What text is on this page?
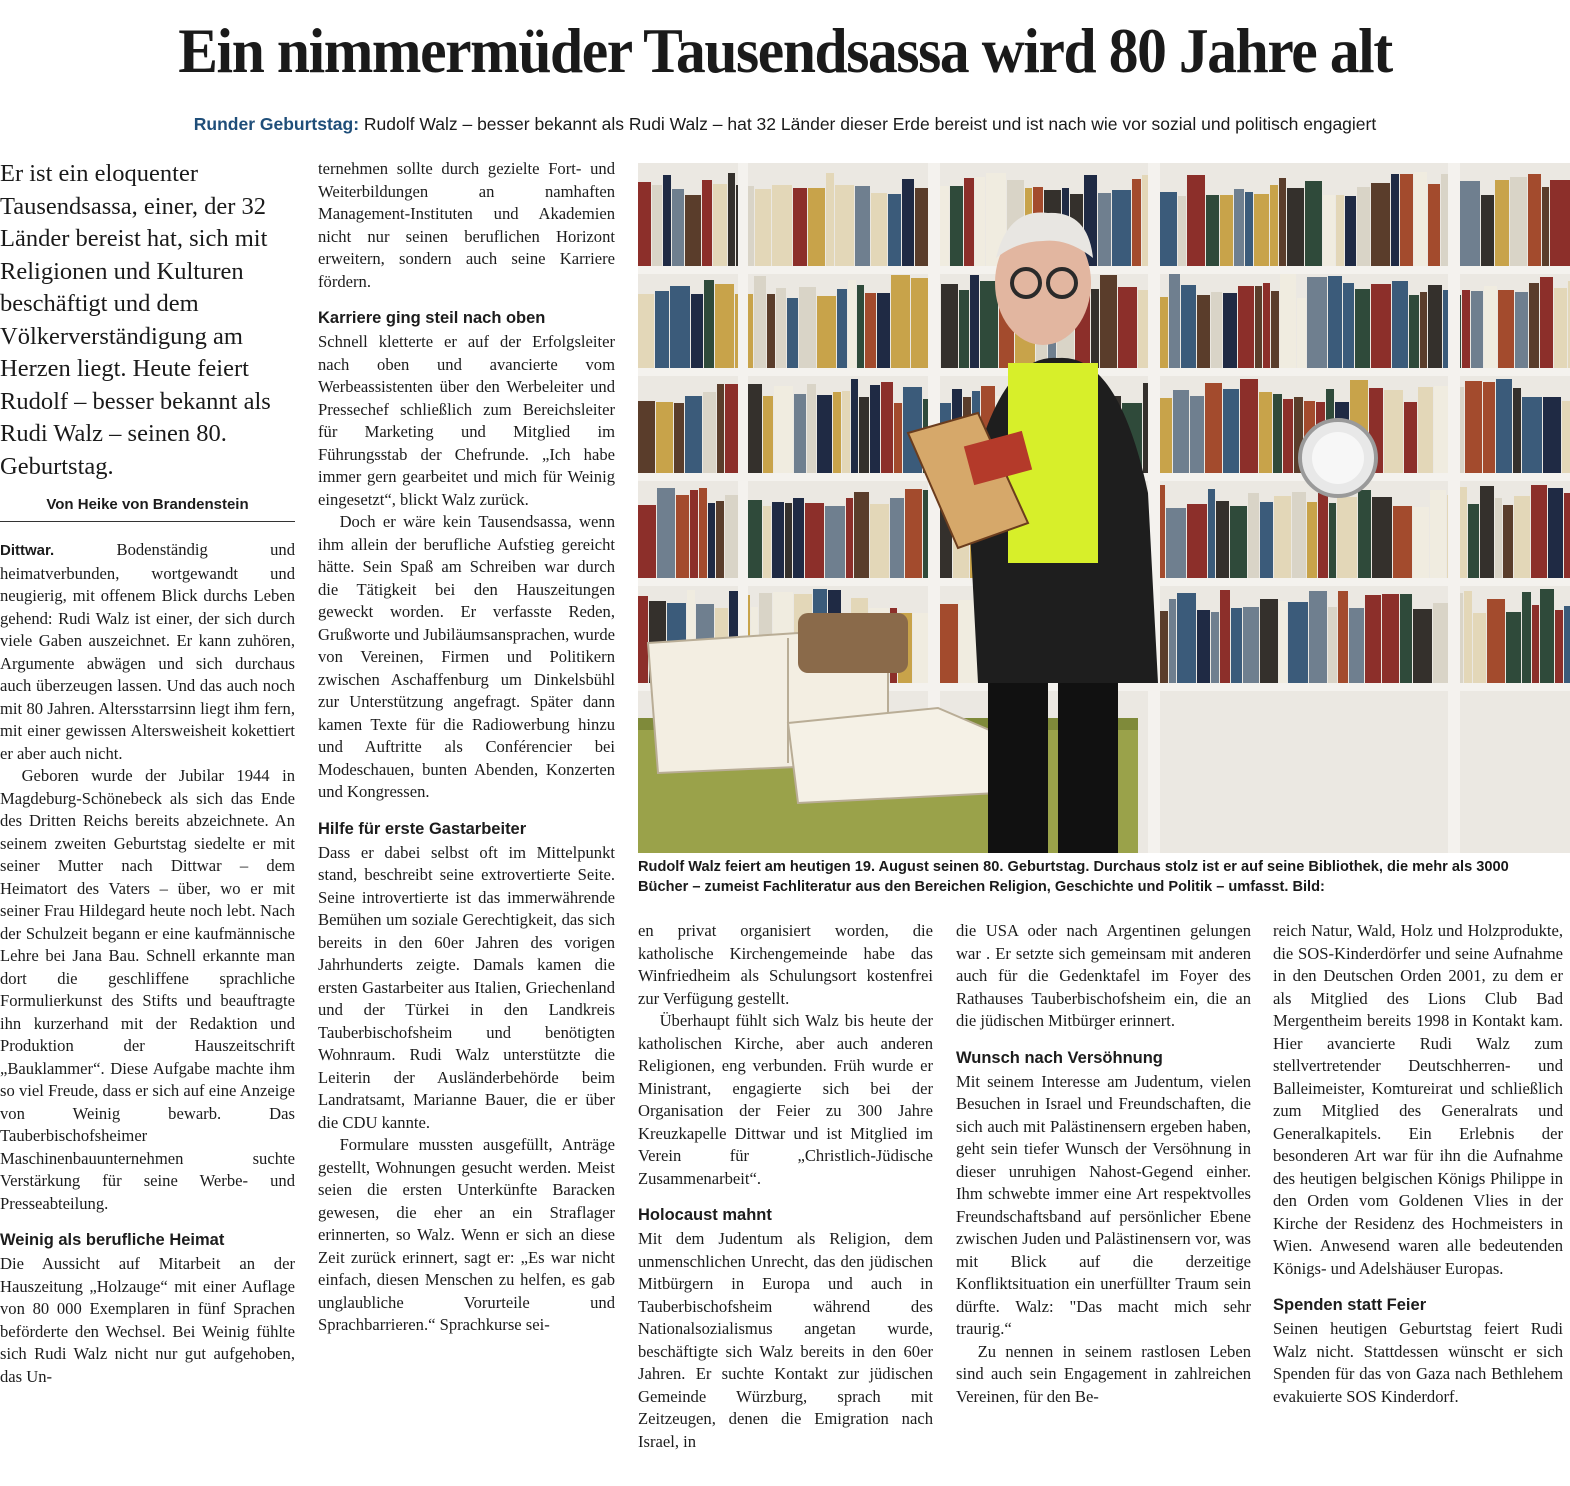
Ein nimmermüder Tausendsassa wird 80 Jahre alt
Runder Geburtstag: Rudolf Walz – besser bekannt als Rudi Walz – hat 32 Länder dieser Erde bereist und ist nach wie vor sozial und politisch engagiert
Er ist ein eloquenter Tausendsassa, einer, der 32 Länder bereist hat, sich mit Religionen und Kulturen beschäftigt und dem Völkerverständigung am Herzen liegt. Heute feiert Rudolf – besser bekannt als Rudi Walz – seinen 80. Geburtstag.
Von Heike von Brandenstein

Dittwar.	Bodenständig und heimatverbunden, wortgewandt und neugierig, mit offenem Blick durchs Leben gehend: Rudi Walz ist einer, der sich durch viele Gaben auszeichnet. Er kann zuhören, Argumente abwägen und sich durchaus auch überzeugen lassen. Und das auch noch mit 80 Jahren. Altersstarrsinn liegt ihm fern, mit einer gewissen Altersweisheit kokettiert er aber auch nicht.

Geboren wurde der Jubilar 1944 in Magdeburg-Schönebeck als sich das Ende des Dritten Reichs bereits abzeichnete. An seinem zweiten Geburtstag siedelte er mit seiner Mutter nach Dittwar – dem Heimatort des Vaters – über, wo er mit seiner Frau Hildegard heute noch lebt. Nach der Schulzeit begann er eine kaufmännische Lehre bei Jana Bau. Schnell erkannte man dort die geschliffene sprachliche Formulierkunst des Stifts und beauftragte ihn kurzerhand mit der Redaktion und Produktion der Hauszeitschrift „Bauklammer“. Diese Aufgabe machte ihm so viel Freude, dass er sich auf eine Anzeige von Weinig bewarb. Das Tauberbischofsheimer Maschinenbauunternehmen suchte Verstärkung für seine Werbe- und Presseabteilung.

Weinig als berufliche Heimat

Die Aussicht auf Mitarbeit an der Hauszeitung „Holzauge“ mit einer Auflage von 80 000 Exemplaren in fünf Sprachen beförderte den Wechsel. Bei Weinig fühlte sich Rudi Walz nicht nur gut aufgehoben, das Un-

ternehmen sollte durch gezielte Fort- und Weiterbildungen an namhaften Management-Instituten und Akademien nicht nur seinen beruflichen Horizont erweitern, sondern auch seine Karriere fördern.

Karriere ging steil nach oben

Schnell kletterte er auf der Erfolgsleiter nach oben und avancierte vom Werbeassistenten über den Werbeleiter und Pressechef schließlich zum Bereichsleiter für Marketing und Mitglied im Führungsstab der Chefrunde. „Ich habe immer gern gearbeitet und mich für Weinig eingesetzt“, blickt Walz zurück.

Doch er wäre kein Tausendsassa, wenn ihm allein der berufliche Aufstieg gereicht hätte. Sein Spaß am Schreiben war durch die Tätigkeit bei den Hauszeitungen geweckt worden. Er verfasste Reden, Grußworte und Jubiläumsansprachen, wurde von Vereinen, Firmen und Politikern zwischen Aschaffenburg um Dinkelsbühl zur Unterstützung angefragt. Später dann kamen Texte für die Radiowerbung hinzu und Auftritte als Conférencier bei Modeschauen, bunten Abenden, Konzerten und Kongressen.

Hilfe für erste Gastarbeiter

Dass er dabei selbst oft im Mittelpunkt stand, beschreibt seine extrovertierte Seite. Seine introvertierte ist das immerwährende Bemühen um soziale Gerechtigkeit, das sich bereits in den 60er Jahren des vorigen Jahrhunderts zeigte. Damals kamen die ersten Gastarbeiter aus Italien, Griechenland und der Türkei in den Landkreis Tauberbischofsheim und benötigten Wohnraum. Rudi Walz unterstützte die Leiterin der Ausländerbehörde beim Landratsamt, Marianne Bauer, die er über die CDU kannte.

Formulare mussten ausgefüllt, Anträge gestellt, Wohnungen gesucht werden. Meist seien die ersten Unterkünfte Baracken gewesen, die eher an ein Straflager erinnerten, so Walz. Wenn er sich an diese Zeit zurück erinnert, sagt er: „Es war nicht einfach, diesen Menschen zu helfen, es gab unglaubliche Vorurteile und Sprachbarrieren.“ Sprachkurse sei-

Rudolf Walz feiert am heutigen 19. August seinen 80. Geburtstag. Durchaus stolz ist er auf seine Bibliothek, die mehr als 3000 Bücher – zumeist Fachliteratur aus den Bereichen Religion, Geschichte und Politik – umfasst. Bild:

en privat organisiert worden, die katholische Kirchengemeinde habe das Winfriedheim als Schulungsort kostenfrei zur Verfügung gestellt.

Überhaupt fühlt sich Walz bis heute der katholischen Kirche, aber auch anderen Religionen, eng verbunden. Früh wurde er Ministrant, engagierte sich bei der Organisation der Feier zu 300 Jahre Kreuzkapelle Dittwar und ist Mitglied im Verein für „Christlich-Jüdische Zusammenarbeit“.

Holocaust mahnt

Mit dem Judentum als Religion, dem unmenschlichen Unrecht, das den jüdischen Mitbürgern in Europa und auch in Tauberbischofsheim während des Nationalsozialismus angetan wurde, beschäftigte sich Walz bereits in den 60er Jahren. Er suchte Kontakt zur jüdischen Gemeinde Würzburg, sprach mit Zeitzeugen, denen die Emigration nach Israel, in

die USA oder nach Argentinen gelungen war . Er setzte sich gemeinsam mit anderen auch für die Gedenktafel im Foyer des Rathauses Tauberbischofsheim ein, die an die jüdischen Mitbürger erinnert.

Wunsch nach Versöhnung

Mit seinem Interesse am Judentum, vielen Besuchen in Israel und Freundschaften, die sich auch mit Palästinensern ergeben haben, geht sein tiefer Wunsch der Versöhnung in dieser unruhigen Nahost-Gegend einher. Ihm schwebte immer eine Art respektvolles Freundschaftsband auf persönlicher Ebene zwischen Juden und Palästinensern vor, was mit Blick auf die derzeitige Konfliktsituation ein unerfüllter Traum sein dürfte. Walz: "Das macht mich sehr traurig.“

Zu nennen in seinem rastlosen Leben sind auch sein Engagement in zahlreichen Vereinen, für den Be-

reich Natur, Wald, Holz und Holzprodukte, die SOS-Kinderdörfer und seine Aufnahme in den Deutschen Orden 2001, zu dem er als Mitglied des Lions Club Bad Mergentheim bereits 1998 in Kontakt kam. Hier avancierte Rudi Walz zum stellvertretender Deutschherren- und Balleimeister, Komtureirat und schließlich zum Mitglied des Generalrats und Generalkapitels. Ein Erlebnis der besonderen Art war für ihn die Aufnahme des heutigen belgischen Königs Philippe in den Orden vom Goldenen Vlies in der Kirche der Residenz des Hochmeisters in Wien. Anwesend waren alle bedeutenden Königs- und Adelshäuser Europas.

Spenden statt Feier

Seinen heutigen Geburtstag feiert Rudi Walz nicht. Stattdessen wünscht er sich Spenden für das von Gaza nach Bethlehem evakuierte SOS Kinderdorf.
